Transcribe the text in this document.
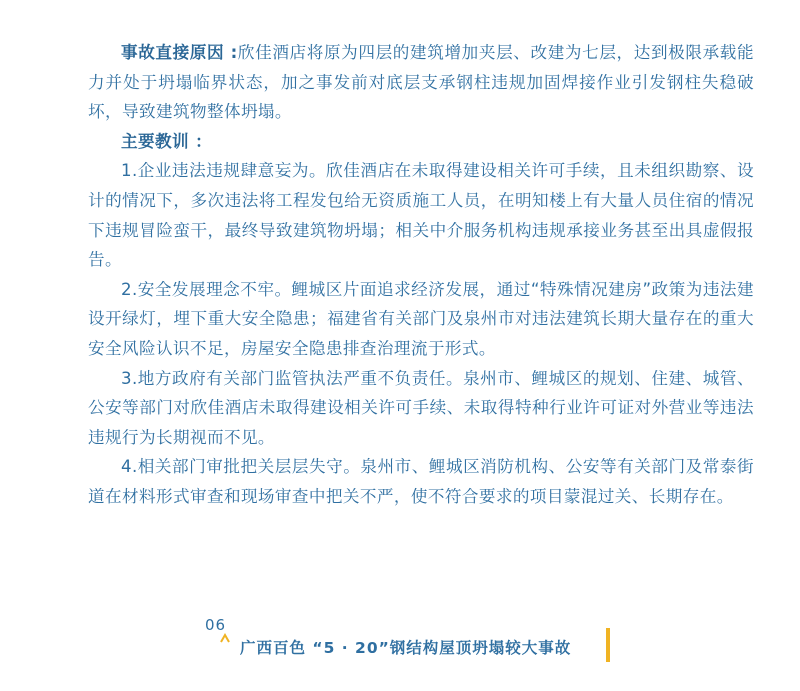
事故直接原因 :欣佳酒店将原为四层的建筑增加夹层、改建为七层，达到极限承载能力并处于坍塌临界状态，加之事发前对底层支承钢柱违规加固焊接作业引发钢柱失稳破坏，导致建筑物整体坍塌。

主要教训 ：

1.企业违法违规肆意妄为。欣佳酒店在未取得建设相关许可手续，且未组织勘察、设计的情况下，多次违法将工程发包给无资质施工人员，在明知楼上有大量人员住宿的情况下违规冒险蛮干，最终导致建筑物坍塌；相关中介服务机构违规承接业务甚至出具虚假报告。

2.安全发展理念不牢。鲤城区片面追求经济发展，通过“特殊情况建房”政策为违法建设开绿灯，埋下重大安全隐患；福建省有关部门及泉州市对违法建筑长期大量存在的重大安全风险认识不足，房屋安全隐患排查治理流于形式。

3.地方政府有关部门监管执法严重不负责任。泉州市、鲤城区的规划、住建、城管、公安等部门对欣佳酒店未取得建设相关许可手续、未取得特种行业许可证对外营业等违法违规行为长期视而不见。

4.相关部门审批把关层层失守。泉州市、鲤城区消防机构、公安等有关部门及常泰街道在材料形式审查和现场审查中把关不严，使不符合要求的项目蒙混过关、长期存在。

06
广西百色 “5 · 20”钢结构屋顶坍塌较大事故
